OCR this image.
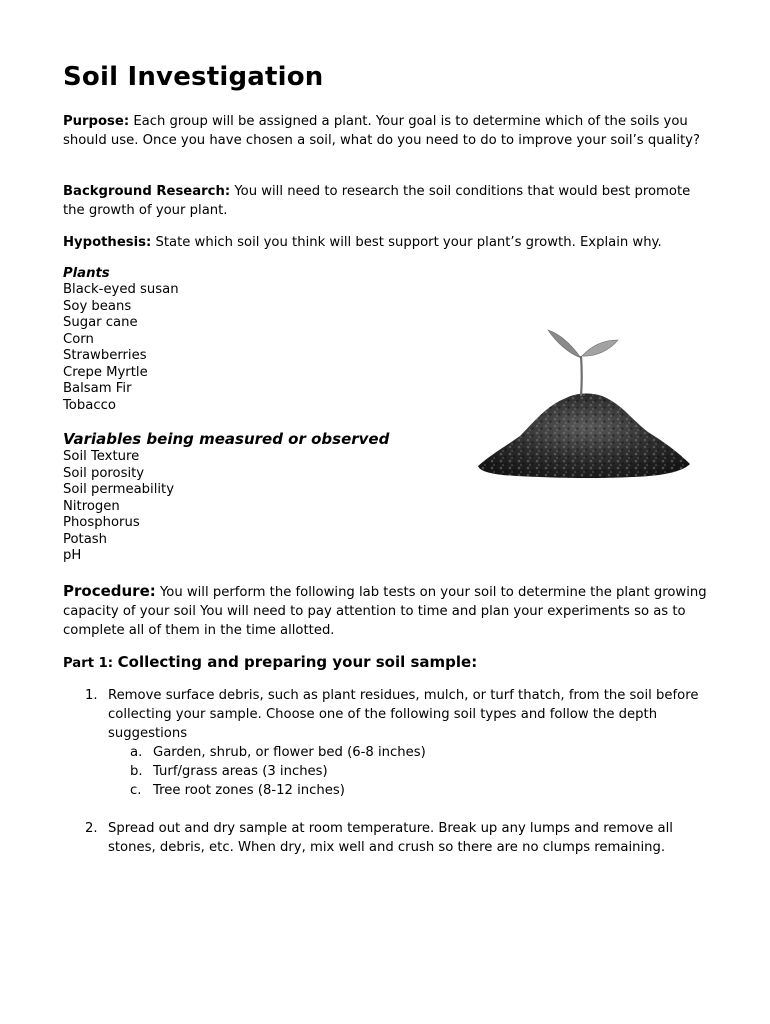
Soil Investigation

Purpose: Each group will be assigned a plant. Your goal is to determine which of the soils you should use. Once you have chosen a soil, what do you need to do to improve your soil’s quality?

Background Research: You will need to research the soil conditions that would best promote the growth of your plant.

Hypothesis: State which soil you think will best support your plant’s growth. Explain why.

Plants

Black-eyed susan
Soy beans
Sugar cane
Corn
Strawberries
Crepe Myrtle
Balsam Fir
Tobacco

Variables being measured or observed

Soil Texture
Soil porosity
Soil permeability
Nitrogen
Phosphorus
Potash
pH

Procedure: You will perform the following lab tests on your soil to determine the plant growing capacity of your soil You will need to pay attention to time and plan your experiments so as to complete all of them in the time allotted.

Part 1: Collecting and preparing your soil sample:

1. Remove surface debris, such as plant residues, mulch, or turf thatch, from the soil before collecting your sample. Choose one of the following soil types and follow the depth suggestions
a. Garden, shrub, or flower bed (6-8 inches)
b. Turf/grass areas (3 inches)
c. Tree root zones (8-12 inches)
2. Spread out and dry sample at room temperature. Break up any lumps and remove all stones, debris, etc. When dry, mix well and crush so there are no clumps remaining.
